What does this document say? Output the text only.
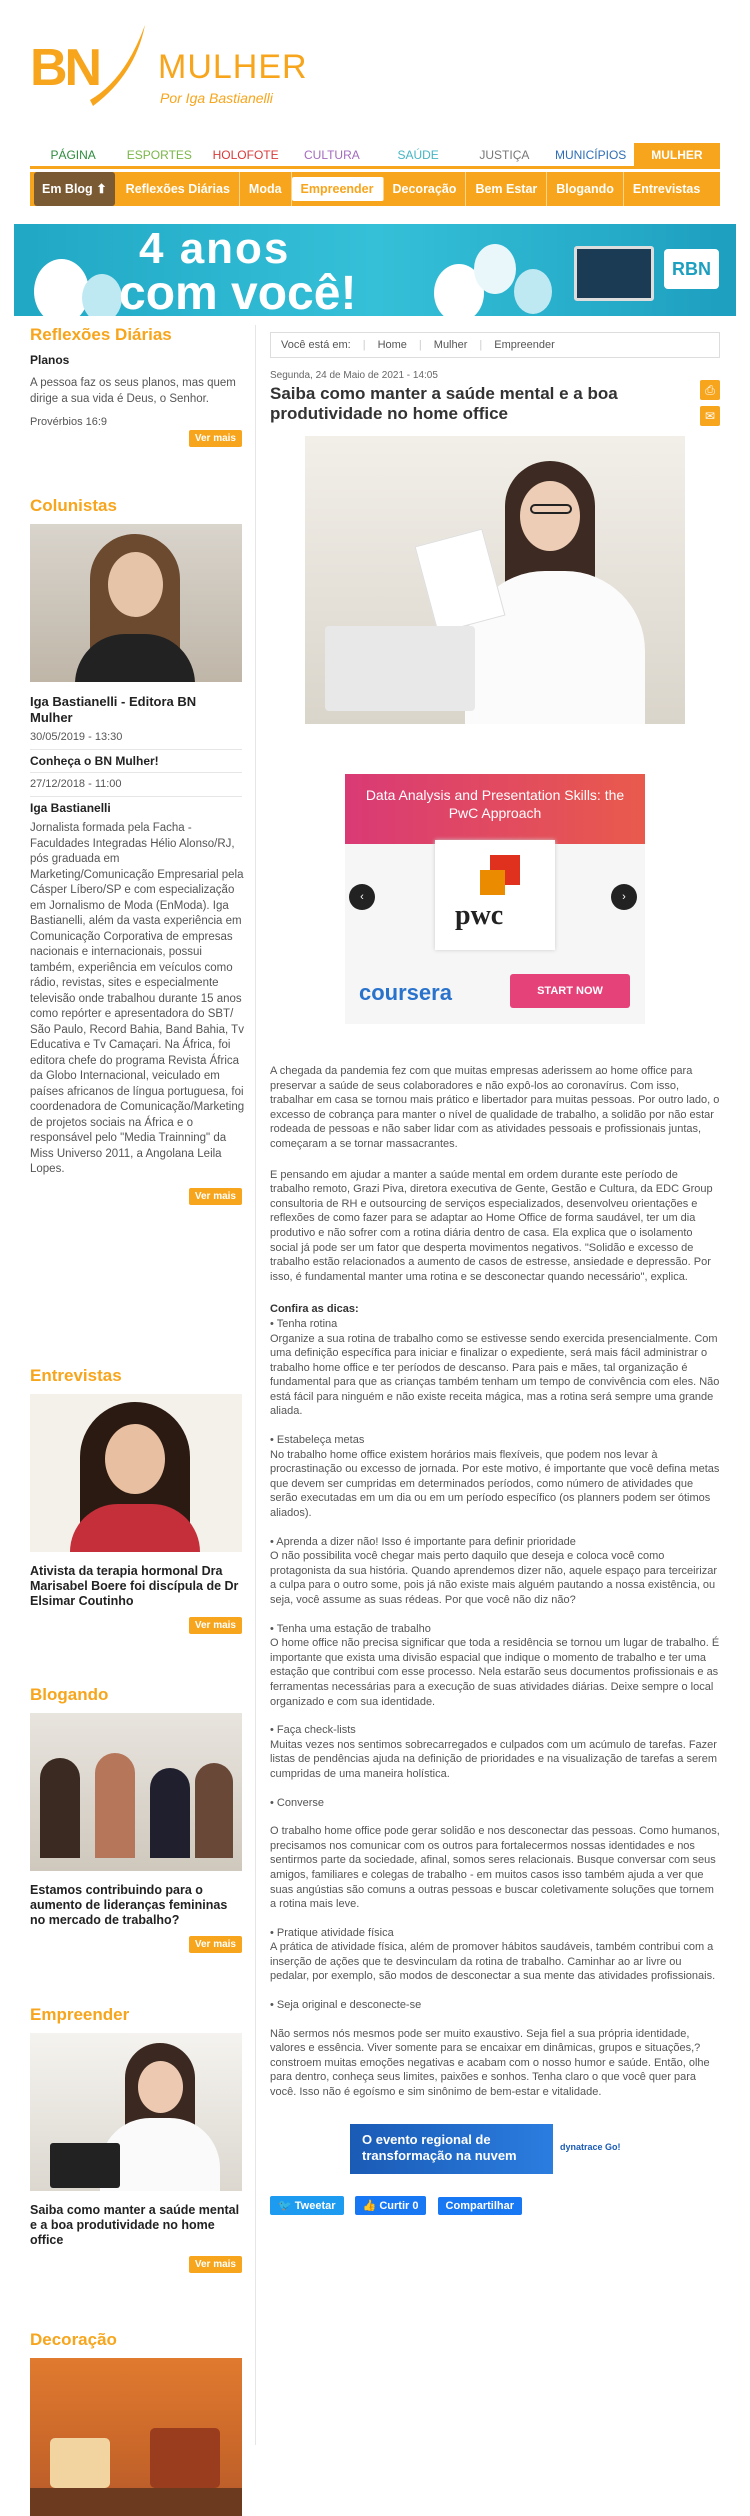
BN MULHER
Por Iga Bastianelli
PÁGINA	ESPORTES	HOLOFOTE	CULTURA	SAÚDE	JUSTIÇA	MUNICÍPIOS	MULHER
Em Blog ⬆	Reflexões Diárias	Moda	Empreender	Decoração	Bem Estar	Blogando	Entrevistas
4 anos
com você!	RBN
Reflexões Diárias
Planos
A pessoa faz os seus planos, mas quem dirige a sua vida é Deus, o Senhor.
Provérbios 16:9
Ver mais
Colunistas
Iga Bastianelli - Editora BN Mulher
30/05/2019 - 13:30
Conheça o BN Mulher!
27/12/2018 - 11:00
Iga Bastianelli
Jornalista formada pela Facha - Faculdades Integradas Hélio Alonso/RJ, pós graduada em Marketing/Comunicação Empresarial pela Cásper Líbero/SP e com especialização em Jornalismo de Moda (EnModa). Iga Bastianelli, além da vasta experiência em Comunicação Corporativa de empresas nacionais e internacionais, possui também, experiência em veículos como rádio, revistas, sites e especialmente televisão onde trabalhou durante 15 anos como repórter e apresentadora do SBT/ São Paulo, Record Bahia, Band Bahia, Tv Educativa e Tv Camaçari. Na África, foi editora chefe do programa Revista África da Globo Internacional, veiculado em países africanos de língua portuguesa, foi coordenadora de Comunicação/Marketing de projetos sociais na África e o responsável pelo "Media Trainning" da Miss Universo 2011, a Angolana Leila Lopes.
Ver mais
Entrevistas
Ativista da terapia hormonal Dra Marisabel Boere foi discípula de Dr Elsimar Coutinho
Ver mais
Blogando
Estamos contribuindo para o aumento de lideranças femininas no mercado de trabalho?
Ver mais
Empreender
Saiba como manter a saúde mental e a boa produtividade no home office
Ver mais
Decoração
Você está em: | Home | Mulher | Empreender
Segunda, 24 de Maio de 2021 - 14:05
Saiba como manter a saúde mental e a boa produtividade no home office
⎙
✉
Data Analysis and Presentation Skills: the PwC Approach
pwc
‹	›
coursera	START NOW
A chegada da pandemia fez com que muitas empresas aderissem ao home office para preservar a saúde de seus colaboradores e não expô-los ao coronavírus. Com isso, trabalhar em casa se tornou mais prático e libertador para muitas pessoas. Por outro lado, o excesso de cobrança para manter o nível de qualidade de trabalho, a solidão por não estar rodeada de pessoas e não saber lidar com as atividades pessoais e profissionais juntas, começaram a se tornar massacrantes.
E pensando em ajudar a manter a saúde mental em ordem durante este período de trabalho remoto, Grazi Piva, diretora executiva de Gente, Gestão e Cultura, da EDC Group consultoria de RH e outsourcing de serviços especializados, desenvolveu orientações e reflexões de como fazer para se adaptar ao Home Office de forma saudável, ter um dia produtivo e não sofrer com a rotina diária dentro de casa. Ela explica que o isolamento social já pode ser um fator que desperta movimentos negativos. "Solidão e excesso de trabalho estão relacionados a aumento de casos de estresse, ansiedade e depressão. Por isso, é fundamental manter uma rotina e se desconectar quando necessário", explica.
Confira as dicas:
• Tenha rotina
Organize a sua rotina de trabalho como se estivesse sendo exercida presencialmente. Com uma definição específica para iniciar e finalizar o expediente, será mais fácil administrar o trabalho home office e ter períodos de descanso. Para pais e mães, tal organização é fundamental para que as crianças também tenham um tempo de convivência com eles. Não está fácil para ninguém e não existe receita mágica, mas a rotina será sempre uma grande aliada.
• Estabeleça metas
No trabalho home office existem horários mais flexíveis, que podem nos levar à procrastinação ou excesso de jornada. Por este motivo, é importante que você defina metas que devem ser cumpridas em determinados períodos, como número de atividades que serão executadas em um dia ou em um período específico (os planners podem ser ótimos aliados).
• Aprenda a dizer não! Isso é importante para definir prioridade
O não possibilita você chegar mais perto daquilo que deseja e coloca você como protagonista da sua história. Quando aprendemos dizer não, aquele espaço para terceirizar a culpa para o outro some, pois já não existe mais alguém pautando a nossa existência, ou seja, você assume as suas rédeas. Por que você não diz não?
• Tenha uma estação de trabalho
O home office não precisa significar que toda a residência se tornou um lugar de trabalho. É importante que exista uma divisão espacial que indique o momento de trabalho e ter uma estação que contribui com esse processo. Nela estarão seus documentos profissionais e as ferramentas necessárias para a execução de suas atividades diárias. Deixe sempre o local organizado e com sua identidade.
• Faça check-lists
Muitas vezes nos sentimos sobrecarregados e culpados com um acúmulo de tarefas. Fazer listas de pendências ajuda na definição de prioridades e na visualização de tarefas a serem cumpridas de uma maneira holística.
• Converse
O trabalho home office pode gerar solidão e nos desconectar das pessoas. Como humanos, precisamos nos comunicar com os outros para fortalecermos nossas identidades e nos sentirmos parte da sociedade, afinal, somos seres relacionais. Busque conversar com seus amigos, familiares e colegas de trabalho - em muitos casos isso também ajuda a ver que suas angústias são comuns a outras pessoas e buscar coletivamente soluções que tornem a rotina mais leve.
• Pratique atividade física
A prática de atividade física, além de promover hábitos saudáveis, também contribui com a inserção de ações que te desvinculam da rotina de trabalho. Caminhar ao ar livre ou pedalar, por exemplo, são modos de desconectar a sua mente das atividades profissionais.
• Seja original e desconecte-se
Não sermos nós mesmos pode ser muito exaustivo. Seja fiel a sua própria identidade, valores e essência. Viver somente para se encaixar em dinâmicas, grupos e situações,?constroem muitas emoções negativas e acabam com o nosso humor e saúde. Então, olhe para dentro, conheça seus limites, paixões e sonhos. Tenha claro o que você quer para você. Isso não é egoísmo e sim sinônimo de bem-estar e vitalidade.
O evento regional de transformação na nuvem
dynatrace Go!
🐦 Tweetar 👍 Curtir 0 Compartilhar
